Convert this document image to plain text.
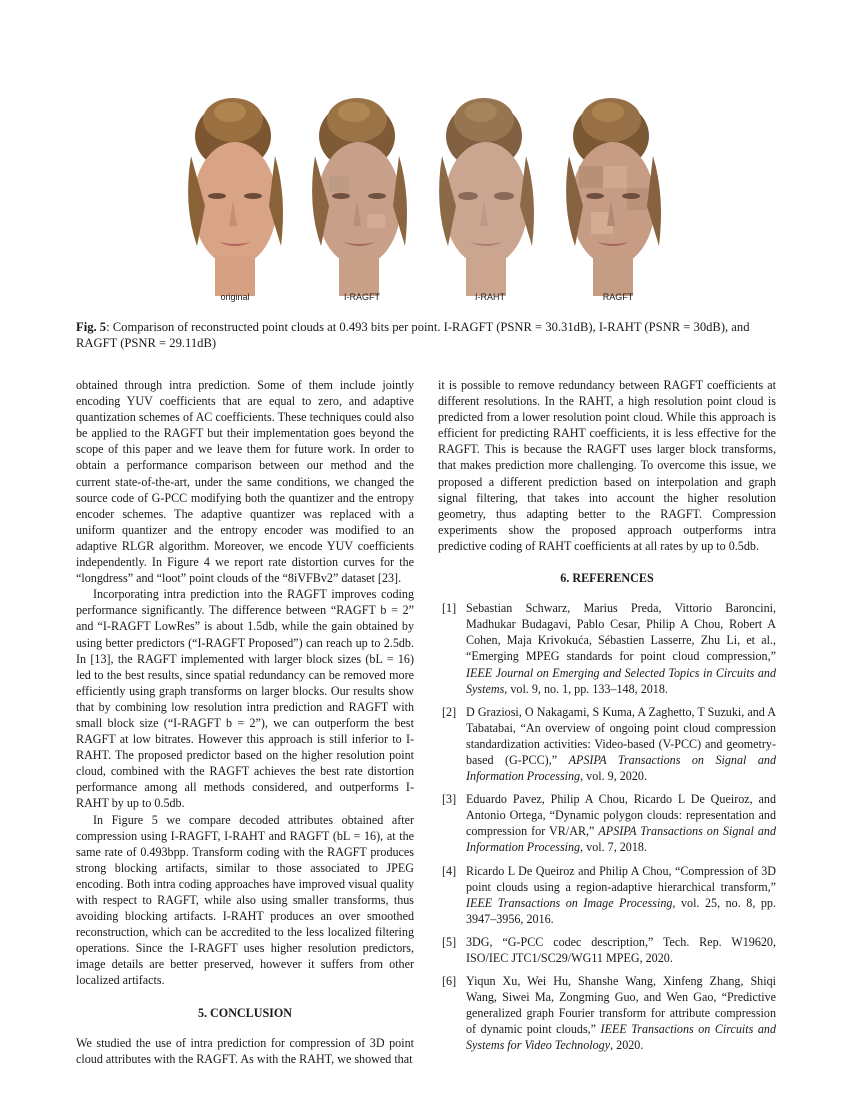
original	I-RAGFT	I-RAHT	RAGFT
Fig. 5: Comparison of reconstructed point clouds at 0.493 bits per point. I-RAGFT (PSNR = 30.31dB), I-RAHT (PSNR = 30dB), and RAGFT (PSNR = 29.11dB)

obtained through intra prediction. Some of them include jointly encoding YUV coefficients that are equal to zero, and adaptive quantization schemes of AC coefficients. These techniques could also be applied to the RAGFT but their implementation goes beyond the scope of this paper and we leave them for future work. In order to obtain a performance comparison between our method and the current state-of-the-art, under the same conditions, we changed the source code of G-PCC modifying both the quantizer and the entropy encoder schemes. The adaptive quantizer was replaced with a uniform quantizer and the entropy encoder was modified to an adaptive RLGR algorithm. Moreover, we encode YUV coefficients independently. In Figure 4 we report rate distortion curves for the “longdress” and “loot” point clouds of the “8iVFBv2” dataset [23].

Incorporating intra prediction into the RAGFT improves coding performance significantly. The difference between “RAGFT b = 2” and “I-RAGFT LowRes” is about 1.5db, while the gain obtained by using better predictors (“I-RAGFT Proposed”) can reach up to 2.5db. In [13], the RAGFT implemented with larger block sizes (bL = 16) led to the best results, since spatial redundancy can be removed more efficiently using graph transforms on larger blocks. Our results show that by combining low resolution intra prediction and RAGFT with small block size (“I-RAGFT b = 2”), we can outperform the best RAGFT at low bitrates. However this approach is still inferior to I-RAHT. The proposed predictor based on the higher resolution point cloud, combined with the RAGFT achieves the best rate distortion performance among all methods considered, and outperforms I-RAHT by up to 0.5db.

In Figure 5 we compare decoded attributes obtained after compression using I-RAGFT, I-RAHT and RAGFT (bL = 16), at the same rate of 0.493bpp. Transform coding with the RAGFT produces strong blocking artifacts, similar to those associated to JPEG encoding. Both intra coding approaches have improved visual quality with respect to RAGFT, while also using smaller transforms, thus avoiding blocking artifacts. I-RAHT produces an over smoothed reconstruction, which can be accredited to the less localized filtering operations. Since the I-RAGFT uses higher resolution predictors, image details are better preserved, however it suffers from other localized artifacts.

5. CONCLUSION

We studied the use of intra prediction for compression of 3D point cloud attributes with the RAGFT. As with the RAHT, we showed that

it is possible to remove redundancy between RAGFT coefficients at different resolutions. In the RAHT, a high resolution point cloud is predicted from a lower resolution point cloud. While this approach is efficient for predicting RAHT coefficients, it is less effective for the RAGFT. This is because the RAGFT uses larger block transforms, that makes prediction more challenging. To overcome this issue, we proposed a different prediction based on interpolation and graph signal filtering, that takes into account the higher resolution geometry, thus adapting better to the RAGFT. Compression experiments show the proposed approach outperforms intra predictive coding of RAHT coefficients at all rates by up to 0.5db.

6. REFERENCES
[1] Sebastian Schwarz, Marius Preda, Vittorio Baroncini, Madhukar Budagavi, Pablo Cesar, Philip A Chou, Robert A Cohen, Maja Krivokuća, Sébastien Lasserre, Zhu Li, et al., “Emerging MPEG standards for point cloud compression,” IEEE Journal on Emerging and Selected Topics in Circuits and Systems, vol. 9, no. 1, pp. 133–148, 2018.
[2] D Graziosi, O Nakagami, S Kuma, A Zaghetto, T Suzuki, and A Tabatabai, “An overview of ongoing point cloud compression standardization activities: Video-based (V-PCC) and geometry-based (G-PCC),” APSIPA Transactions on Signal and Information Processing, vol. 9, 2020.
[3] Eduardo Pavez, Philip A Chou, Ricardo L De Queiroz, and Antonio Ortega, “Dynamic polygon clouds: representation and compression for VR/AR,” APSIPA Transactions on Signal and Information Processing, vol. 7, 2018.
[4] Ricardo L De Queiroz and Philip A Chou, “Compression of 3D point clouds using a region-adaptive hierarchical transform,” IEEE Transactions on Image Processing, vol. 25, no. 8, pp. 3947–3956, 2016.
[5] 3DG, “G-PCC codec description,” Tech. Rep. W19620, ISO/IEC JTC1/SC29/WG11 MPEG, 2020.
[6] Yiqun Xu, Wei Hu, Shanshe Wang, Xinfeng Zhang, Shiqi Wang, Siwei Ma, Zongming Guo, and Wen Gao, “Predictive generalized graph Fourier transform for attribute compression of dynamic point clouds,” IEEE Transactions on Circuits and Systems for Video Technology, 2020.
